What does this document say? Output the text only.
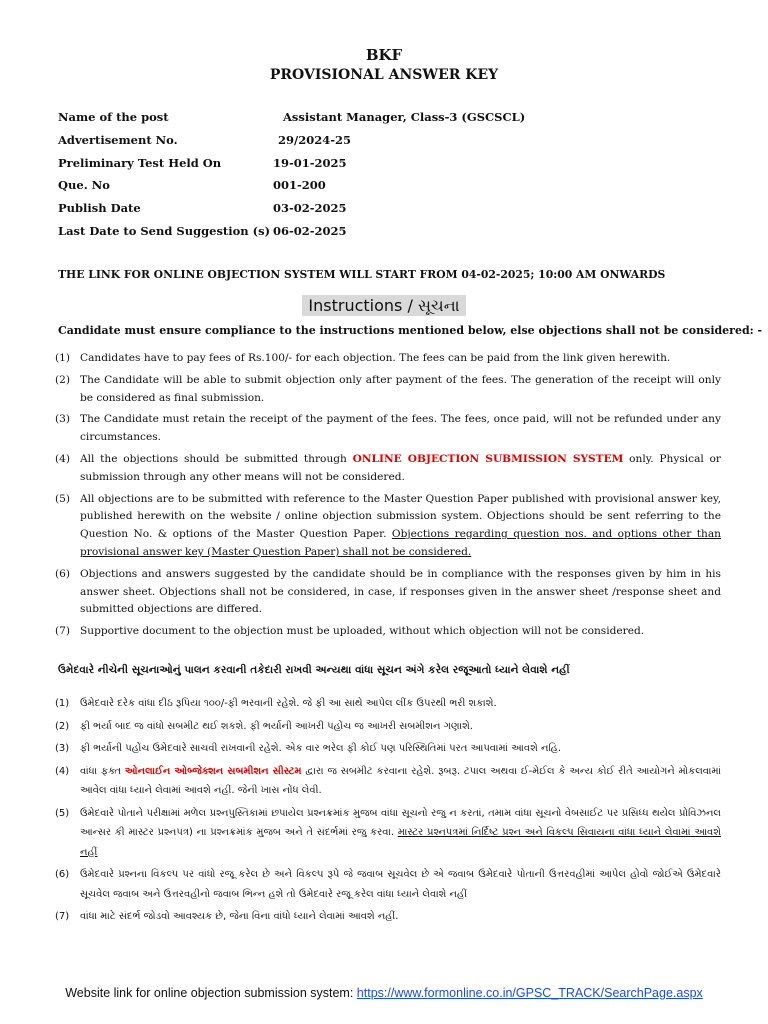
BKF
PROVISIONAL ANSWER KEY
Name of the post	Assistant Manager, Class-3 (GSCSCL)
Advertisement No.	29/2024-25
Preliminary Test Held On	19-01-2025
Que. No	001-200
Publish Date	03-02-2025
Last Date to Send Suggestion (s) 06-02-2025
THE LINK FOR ONLINE OBJECTION SYSTEM WILL START FROM 04-02-2025; 10:00 AM ONWARDS
Instructions / સૂચના
Candidate must ensure compliance to the instructions mentioned below, else objections shall not be considered: -
(1) Candidates have to pay fees of Rs.100/- for each objection. The fees can be paid from the link given herewith.
(2) The Candidate will be able to submit objection only after payment of the fees. The generation of the receipt will only be considered as final submission.
(3) The Candidate must retain the receipt of the payment of the fees. The fees, once paid, will not be refunded under any circumstances.
(4) All the objections should be submitted through ONLINE OBJECTION SUBMISSION SYSTEM only. Physical or submission through any other means will not be considered.
(5) All objections are to be submitted with reference to the Master Question Paper published with provisional answer key, published herewith on the website / online objection submission system. Objections should be sent referring to the Question No. & options of the Master Question Paper. Objections regarding question nos. and options other than provisional answer key (Master Question Paper) shall not be considered.
(6) Objections and answers suggested by the candidate should be in compliance with the responses given by him in his answer sheet. Objections shall not be considered, in case, if responses given in the answer sheet /response sheet and submitted objections are differed.
(7) Supportive document to the objection must be uploaded, without which objection will not be considered.
ઉમેદવારે નીચેની સૂચનાઓનું પાલન કરવાની તકેદારી રાખવી અન્યથા વાંધા સૂચન અંગે કરેલ રજૂઆતો ધ્યાને લેવાશે નહીં
(1)	ઉમેદવારે દરેક વાંધા દીઠ રૂપિયા ૧૦૦/-ફી ભરવાની રહેશે. જે ફી આ સાથે આપેલ લીંક ઉપરથી ભરી શકાશે.
(2)	ફી ભર્યા બાદ જ વાંધો સબમીટ થઈ શકશે. ફી ભર્યાની આખરી પહોંચ જ આખરી સબમીશન ગણાશે.
(3)	ફી ભર્યાની પહોંચ ઉમેદવારે સાચવી રાખવાની રહેશે. એક વાર ભરેલ ફી કોઈ પણ પરિસ્થિતિમાં પરત આપવામાં આવશે નહિ.
(4)	વાંધા ફક્ત ઓનલાઈન ઓબ્જેક્શન સબમીશન સીસ્ટમ દ્વારા જ સબમીટ કરવાના રહેશે. રૂબરૂ. ટપાલ અથવા ઈ-મેઈલ કે અન્ય કોઈ રીતે આયોગને મોકલવામાં આવેલ વાંધા ધ્યાને લેવામાં આવશે નહીં. જેની ખાસ નોંધ લેવી.
(5)	ઉમેદવારે પોતાને પરીક્ષામાં મળેલ પ્રશ્નપુસ્તિકામાં છપાયેલ પ્રશ્નક્રમાંક મુજબ વાંધા સૂચનો રજુ ન કરતાં, તમામ વાંધા સૂચનો વેબસાઈટ પર પ્રસિધ્ધ થયેલ પ્રોવિઝનલ આન્સર કી માસ્ટર પ્રશ્નપત્ર) ના પ્રશ્નક્રમાંક મુજબ અને તે સંદર્ભમાં રજુ કરવા. માસ્ટર પ્રશ્નપત્રમાં નિર્દિષ્ટ પ્રશ્ન અને વિકલ્પ સિવાયના વાંધા ધ્યાને લેવામાં આવશે નહીં
(6)	ઉમેદવારે પ્રશ્નના વિકલ્પ પર વાંધો રજૂ કરેલ છે અને વિકલ્પ રૂપે જે જવાબ સૂચવેલ છે એ જવાબ ઉમેદવારે પોતાની ઉત્તરવહીમાં આપેલ હોવો જોઈએ ઉમેદવારે સૂચવેલ જવાબ અને ઉત્તરવહીનો જવાબ ભિન્ન હશે તો ઉમેદવારે રજૂ કરેલ વાંધા ધ્યાને લેવાશે નહીં
(7)	વાંધા માટે સંદર્ભ જોડવો આવશ્યક છે, જેના વિના વાંધો ધ્યાને લેવામાં આવશે નહીં.
Website link for online objection submission system: https://www.formonline.co.in/GPSC_TRACK/SearchPage.aspx
